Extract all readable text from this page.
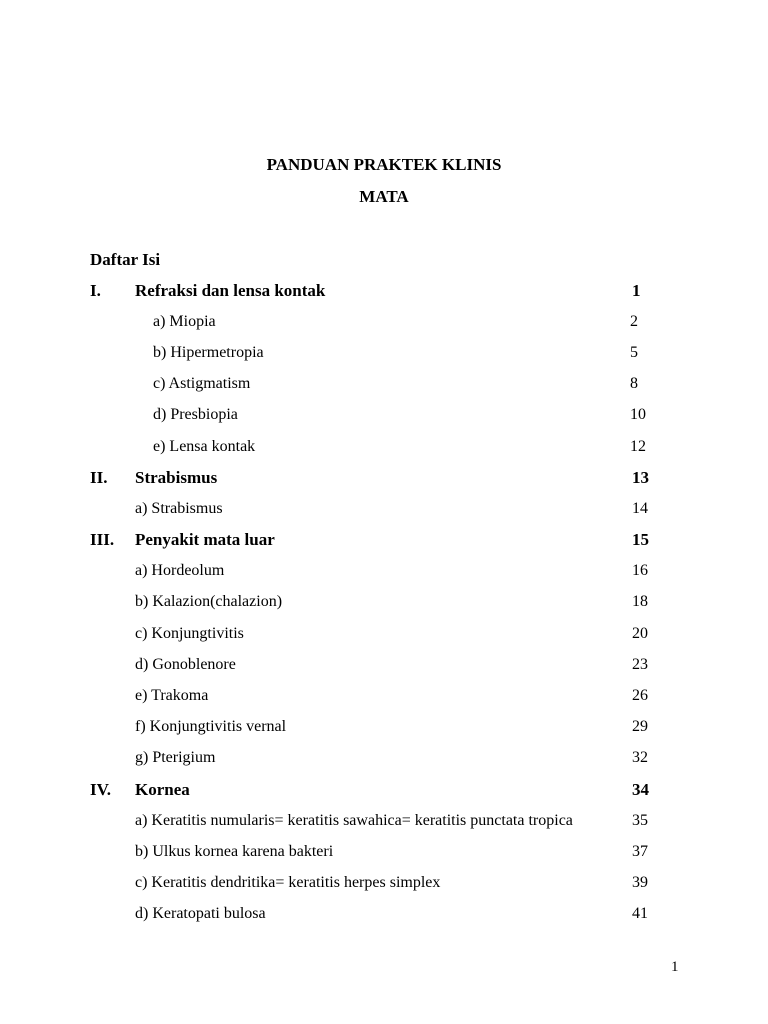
PANDUAN PRAKTEK KLINIS
MATA
Daftar Isi
I. Refraksi dan lensa kontak	1
a) Miopia	2
b) Hipermetropia	5
c) Astigmatism	8
d) Presbiopia	10
e) Lensa kontak	12
II. Strabismus	13
a) Strabismus	14
III. Penyakit mata luar	15
a) Hordeolum	16
b) Kalazion(chalazion)	18
c) Konjungtivitis	20
d) Gonoblenore	23
e) Trakoma	26
f) Konjungtivitis vernal	29
g) Pterigium	32
IV. Kornea	34
a) Keratitis numularis= keratitis sawahica= keratitis punctata tropica	35
b) Ulkus kornea karena bakteri	37
c) Keratitis dendritika= keratitis herpes simplex	39
d) Keratopati bulosa	41
1
